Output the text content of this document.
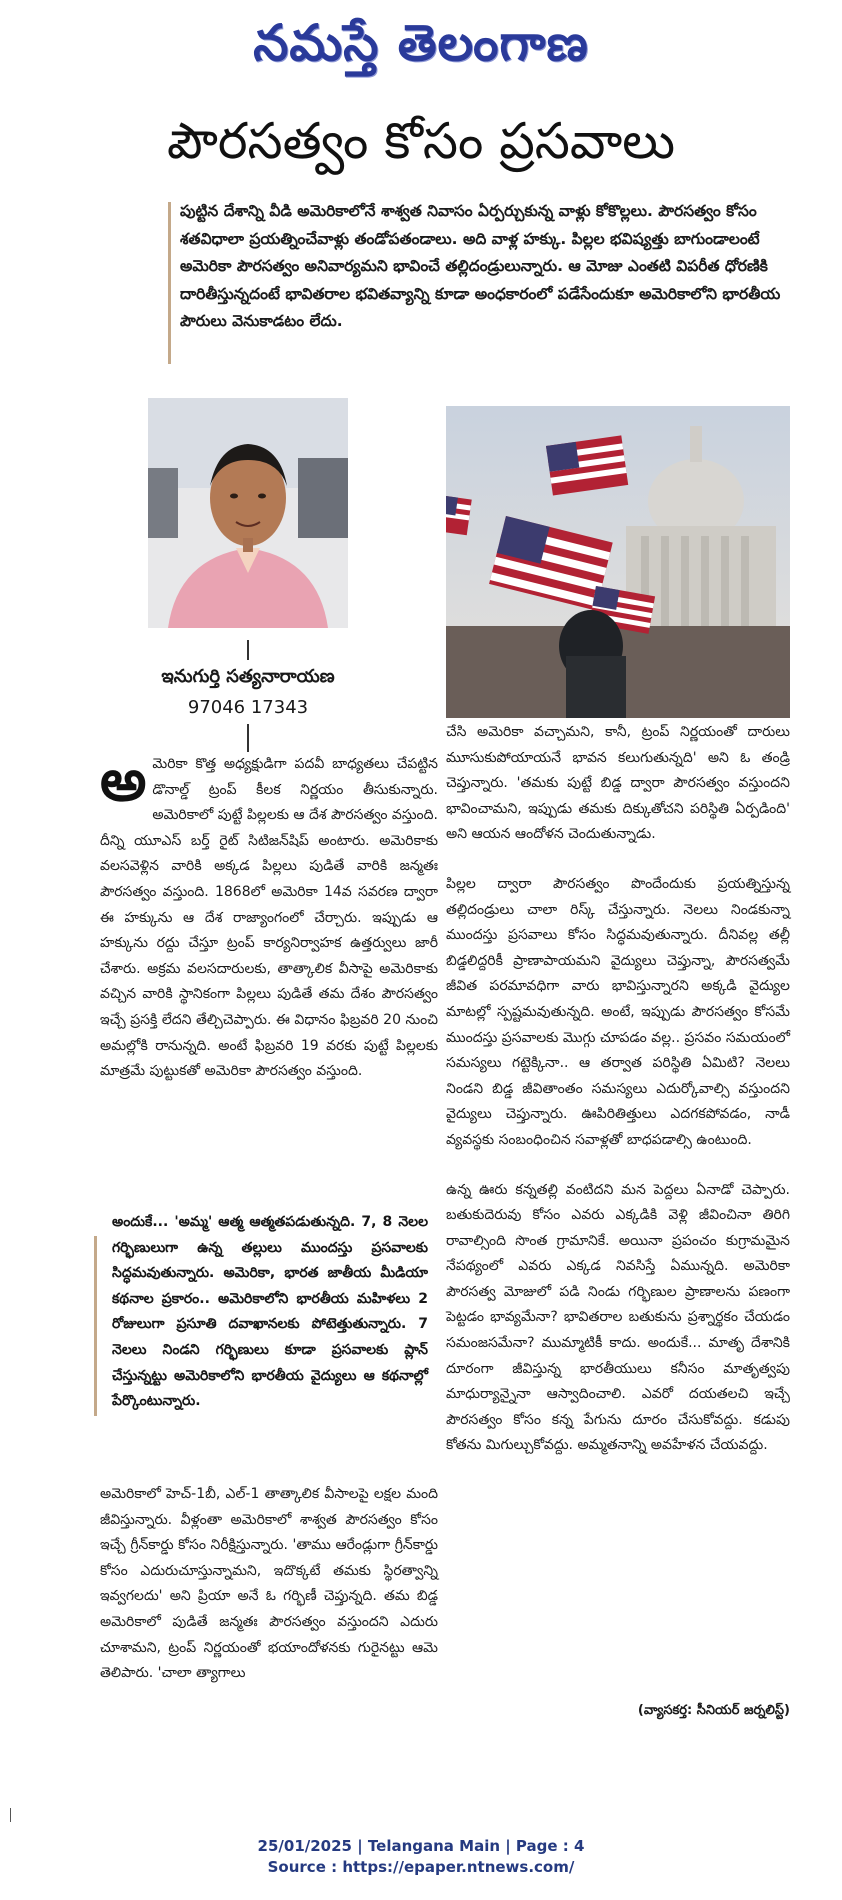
నమస్తే తెలంగాణ
పౌరసత్వం కోసం ప్రసవాలు
పుట్టిన దేశాన్ని వీడి అమెరికాలోనే శాశ్వత నివాసం ఏర్పర్చుకున్న వాళ్లు కోకొల్లలు. పౌరసత్వం కోసం శతవిధాలా ప్రయత్నించేవాళ్లు తండోపతండాలు. అది వాళ్ల హక్కు. పిల్లల భవిష్యత్తు బాగుండాలంటే అమెరికా పౌరసత్వం అనివార్యమని భావించే తల్లిదండ్రులున్నారు. ఆ మోజు ఎంతటి విపరీత ధోరణికి దారితీస్తున్నదంటే భావితరాల భవితవ్యాన్ని కూడా అంధకారంలో పడేసేందుకూ అమెరికాలోని భారతీయ పౌరులు వెనుకాడటం లేదు.
ఇనుగుర్తి సత్యనారాయణ
97046 17343

అమెరికా కొత్త అధ్యక్షుడిగా పదవీ బాధ్యతలు చేపట్టిన డొనాల్డ్ ట్రంప్ కీలక నిర్ణయం తీసుకున్నారు. అమెరికాలో పుట్టే పిల్లలకు ఆ దేశ పౌరసత్వం వస్తుంది. దీన్ని యూఎస్ బర్త్ రైట్ సిటిజన్‌షిప్ అంటారు. అమెరికాకు వలసవెళ్లిన వారికి అక్కడ పిల్లలు పుడితే వారికి జన్మతః పౌరసత్వం వస్తుంది. 1868లో అమెరికా 14వ సవరణ ద్వారా ఈ హక్కును ఆ దేశ రాజ్యాంగంలో చేర్చారు. ఇప్పుడు ఆ హక్కును రద్దు చేస్తూ ట్రంప్ కార్యనిర్వాహక ఉత్తర్వులు జారీ చేశారు. అక్రమ వలసదారులకు, తాత్కాలిక వీసాపై అమెరికాకు వచ్చిన వారికి స్థానికంగా పిల్లలు పుడితే తమ దేశం పౌరసత్వం ఇచ్చే ప్రసక్తి లేదని తేల్చిచెప్పారు. ఈ విధానం ఫిబ్రవరి 20 నుంచి అమల్లోకి రానున్నది. అంటే ఫిబ్రవరి 19 వరకు పుట్టే పిల్లలకు మాత్రమే పుట్టుకతో అమెరికా పౌరసత్వం వస్తుంది.

అందుకే... 'అమ్మ' ఆత్మ ఆత్మతపడుతున్నది. 7, 8 నెలల గర్భిణులుగా ఉన్న తల్లులు ముందస్తు ప్రసవాలకు సిద్ధమవుతున్నారు. అమెరికా, భారత జాతీయ మీడియా కథనాల ప్రకారం.. అమెరికాలోని భారతీయ మహిళలు 2 రోజులుగా ప్రసూతి దవాఖానలకు పోటెత్తుతున్నారు. 7 నెలలు నిండని గర్భిణులు కూడా ప్రసవాలకు ప్లాన్ చేస్తున్నట్టు అమెరికాలోని భారతీయ వైద్యులు ఆ కథనాల్లో పేర్కొంటున్నారు.

అమెరికాలో హెచ్-1బీ, ఎల్-1 తాత్కాలిక వీసాలపై లక్షల మంది జీవిస్తున్నారు. వీళ్లంతా అమెరికాలో శాశ్వత పౌరసత్వం కోసం ఇచ్చే గ్రీన్‌కార్డు కోసం నిరీక్షిస్తున్నారు. 'తాము ఆరేండ్లుగా గ్రీన్‌కార్డు కోసం ఎదురుచూస్తున్నామని, ఇదొక్కటే తమకు స్థిరత్వాన్ని ఇవ్వగలదు' అని ప్రియా అనే ఓ గర్భిణీ చెప్తున్నది. తమ బిడ్డ అమెరికాలో పుడితే జన్మతః పౌరసత్వం వస్తుందని ఎదురు చూశామని, ట్రంప్ నిర్ణయంతో భయాందోళనకు గురైనట్టు ఆమె తెలిపారు. 'చాలా త్యాగాలు

చేసి అమెరికా వచ్చామని, కానీ, ట్రంప్ నిర్ణయంతో దారులు మూసుకుపోయాయనే భావన కలుగుతున్నది' అని ఓ తండ్రి చెప్తున్నారు. 'తమకు పుట్టే బిడ్డ ద్వారా పౌరసత్వం వస్తుందని భావించామని, ఇప్పుడు తమకు దిక్కుతోచని పరిస్థితి ఏర్పడింది' అని ఆయన ఆందోళన చెందుతున్నాడు.

పిల్లల ద్వారా పౌరసత్వం పొందేందుకు ప్రయత్నిస్తున్న తల్లిదండ్రులు చాలా రిస్క్ చేస్తున్నారు. నెలలు నిండకున్నా ముందస్తు ప్రసవాలు కోసం సిద్ధమవుతున్నారు. దీనివల్ల తల్లీ బిడ్డలిద్దరికీ ప్రాణాపాయమని వైద్యులు చెప్తున్నా, పౌరసత్వమే జీవిత పరమావధిగా వారు భావిస్తున్నారని అక్కడి వైద్యుల మాటల్లో స్పష్టమవుతున్నది. అంటే, ఇప్పుడు పౌరసత్వం కోసమే ముందస్తు ప్రసవాలకు మొగ్గు చూపడం వల్ల.. ప్రసవం సమయంలో సమస్యలు గట్టెక్కినా.. ఆ తర్వాత పరిస్థితి ఏమిటి? నెలలు నిండని బిడ్డ జీవితాంతం సమస్యలు ఎదుర్కోవాల్సి వస్తుందని వైద్యులు చెప్తున్నారు. ఊపిరితిత్తులు ఎదగకపోవడం, నాడీ వ్యవస్థకు సంబంధించిన సవాళ్లతో బాధపడాల్సి ఉంటుంది.

ఉన్న ఊరు కన్నతల్లి వంటిదని మన పెద్దలు ఏనాడో చెప్పారు. బతుకుదెరువు కోసం ఎవరు ఎక్కడికి వెళ్లి జీవించినా తిరిగి రావాల్సింది సొంత గ్రామానికే. అయినా ప్రపంచం కుగ్రామమైన నేపథ్యంలో ఎవరు ఎక్కడ నివసిస్తే ఏమున్నది. అమెరికా పౌరసత్వ మోజులో పడి నిండు గర్భిణుల ప్రాణాలను పణంగా పెట్టడం భావ్యమేనా? భావితరాల బతుకును ప్రశ్నార్థకం చేయడం సమంజసమేనా? ముమ్మాటికీ కాదు. అందుకే... మాతృ దేశానికి దూరంగా జీవిస్తున్న భారతీయులు కనీసం మాతృత్వపు మాధుర్యాన్నైనా ఆస్వాదించాలి. ఎవరో దయతలచి ఇచ్చే పౌరసత్వం కోసం కన్న పేగును దూరం చేసుకోవద్దు. కడుపు కోతను మిగుల్చుకోవద్దు. అమ్మతనాన్ని అవహేళన చేయవద్దు.

(వ్యాసకర్త: సీనియర్ జర్నలిస్ట్)
25/01/2025 | Telangana Main | Page : 4
Source : https://epaper.ntnews.com/
